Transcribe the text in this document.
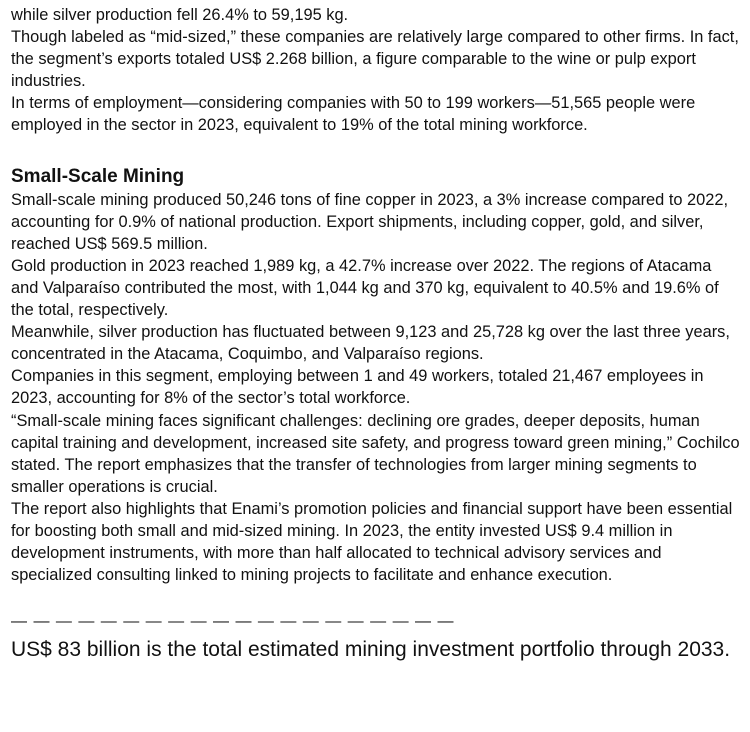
while silver production fell 26.4% to 59,195 kg.

Though labeled as “mid-sized,” these companies are relatively large compared to other firms. In fact, the segment’s exports totaled US$ 2.268 billion, a figure comparable to the wine or pulp export industries.

In terms of employment—considering companies with 50 to 199 workers—51,565 people were employed in the sector in 2023, equivalent to 19% of the total mining workforce.

Small-Scale Mining

Small-scale mining produced 50,246 tons of fine copper in 2023, a 3% increase compared to 2022, accounting for 0.9% of national production. Export shipments, including copper, gold, and silver, reached US$ 569.5 million.

Gold production in 2023 reached 1,989 kg, a 42.7% increase over 2022. The regions of Atacama and Valparaíso contributed the most, with 1,044 kg and 370 kg, equivalent to 40.5% and 19.6% of the total, respectively.

Meanwhile, silver production has fluctuated between 9,123 and 25,728 kg over the last three years, concentrated in the Atacama, Coquimbo, and Valparaíso regions.

Companies in this segment, employing between 1 and 49 workers, totaled 21,467 employees in 2023, accounting for 8% of the sector’s total workforce.

“Small-scale mining faces significant challenges: declining ore grades, deeper deposits, human capital training and development, increased site safety, and progress toward green mining,” Cochilco stated. The report emphasizes that the transfer of technologies from larger mining segments to smaller operations is crucial.

The report also highlights that Enami’s promotion policies and financial support have been essential for boosting both small and mid-sized mining. In 2023, the entity invested US$ 9.4 million in development instruments, with more than half allocated to technical advisory services and specialized consulting linked to mining projects to facilitate and enhance execution.

— — — — — — — — — — — — — — — — — — — —

US$ 83 billion is the total estimated mining investment portfolio through 2033.
